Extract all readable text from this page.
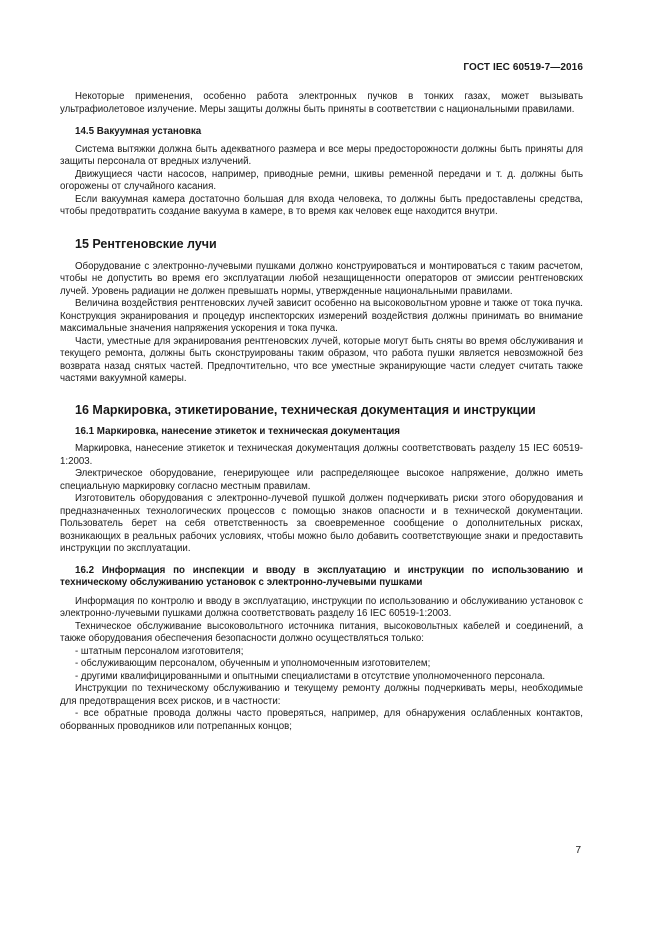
ГОСТ IEC 60519-7—2016

Некоторые применения, особенно работа электронных пучков в тонких газах, может вызывать ультрафиолетовое излучение. Меры защиты должны быть приняты в соответствии с национальными правилами.

14.5 Вакуумная установка

Система вытяжки должна быть адекватного размера и все меры предосторожности должны быть приняты для защиты персонала от вредных излучений.

Движущиеся части насосов, например, приводные ремни, шкивы ременной передачи и т. д. должны быть огорожены от случайного касания.

Если вакуумная камера достаточно большая для входа человека, то должны быть предоставлены средства, чтобы предотвратить создание вакуума в камере, в то время как человек еще находится внутри.

15 Рентгеновские лучи

Оборудование с электронно-лучевыми пушками должно конструироваться и монтироваться с таким расчетом, чтобы не допустить во время его эксплуатации любой незащищенности операторов от эмиссии рентгеновских лучей. Уровень радиации не должен превышать нормы, утвержденные национальными правилами.

Величина воздействия рентгеновских лучей зависит особенно на высоковольтном уровне и также от тока пучка. Конструкция экранирования и процедур инспекторских измерений воздействия должны принимать во внимание максимальные значения напряжения ускорения и тока пучка.

Части, уместные для экранирования рентгеновских лучей, которые могут быть сняты во время обслуживания и текущего ремонта, должны быть сконструированы таким образом, что работа пушки является невозможной без возврата назад снятых частей. Предпочтительно, что все уместные экранирующие части следует считать также частями вакуумной камеры.

16 Маркировка, этикетирование, техническая документация и инструкции

16.1 Маркировка, нанесение этикеток и техническая документация

Маркировка, нанесение этикеток и техническая документация должны соответствовать разделу 15 IEC 60519-1:2003.

Электрическое оборудование, генерирующее или распределяющее высокое напряжение, должно иметь специальную маркировку согласно местным правилам.

Изготовитель оборудования с электронно-лучевой пушкой должен подчеркивать риски этого оборудования и предназначенных технологических процессов с помощью знаков опасности и в технической документации. Пользователь берет на себя ответственность за своевременное сообщение о дополнительных рисках, возникающих в реальных рабочих условиях, чтобы можно было добавить соответствующие знаки и предоставить инструкции по эксплуатации.

16.2 Информация по инспекции и вводу в эксплуатацию и инструкции по использованию и техническому обслуживанию установок с электронно-лучевыми пушками

Информация по контролю и вводу в эксплуатацию, инструкции по использованию и обслуживанию установок с электронно-лучевыми пушками должна соответствовать разделу 16 IEC 60519-1:2003.

Техническое обслуживание высоковольтного источника питания, высоковольтных кабелей и соединений, а также оборудования обеспечения безопасности должно осуществляться только:

- штатным персоналом изготовителя;

- обслуживающим персоналом, обученным и уполномоченным изготовителем;

- другими квалифицированными и опытными специалистами в отсутствие уполномоченного персонала.

Инструкции по техническому обслуживанию и текущему ремонту должны подчеркивать меры, необходимые для предотвращения всех рисков, и в частности:

- все обратные провода должны часто проверяться, например, для обнаружения ослабленных контактов, оборванных проводников или потрепанных концов;

7
